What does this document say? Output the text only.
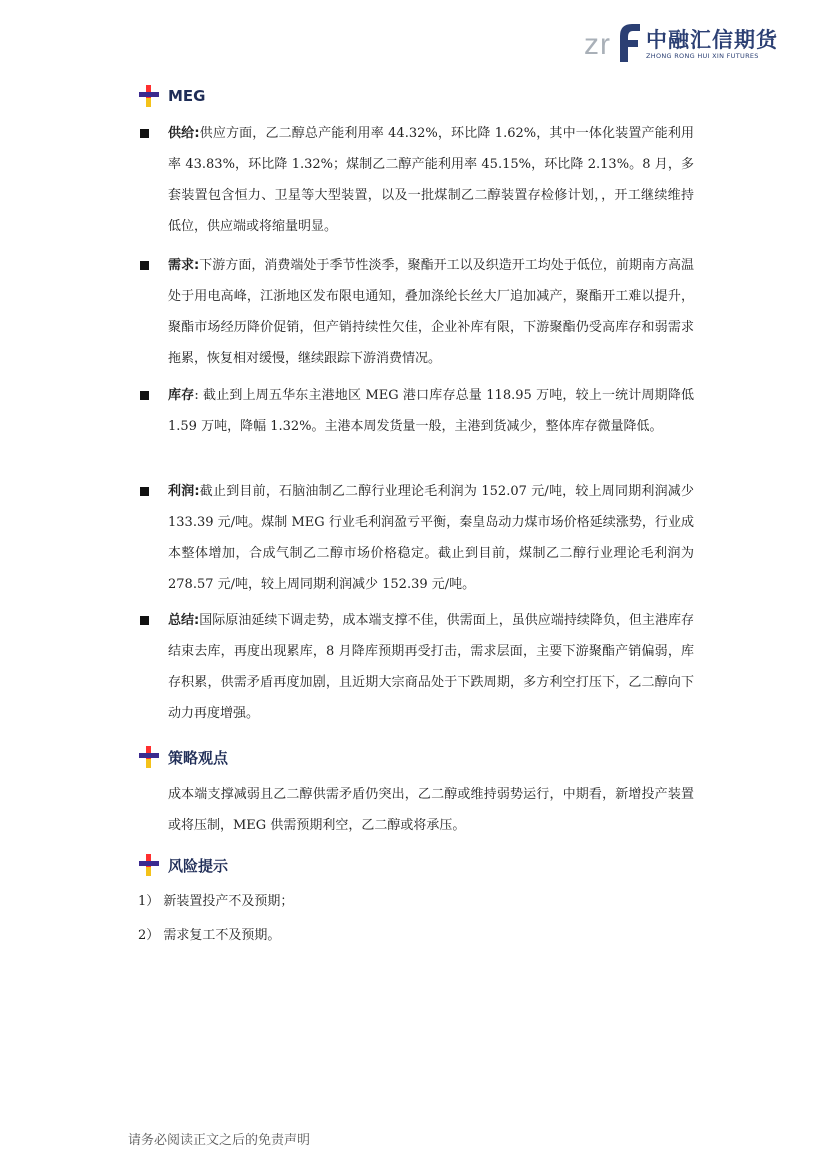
z r 中融汇信期货
ZHONG RONG HUI XIN FUTURES
MEG
供给:供应方面，乙二醇总产能利用率 44.32%，环比降 1.62%，其中一体化装置产能利用率 43.83%，环比降 1.32%；煤制乙二醇产能利用率 45.15%，环比降 2.13%。8 月，多套装置包含恒力、卫星等大型装置，以及一批煤制乙二醇装置存检修计划，，开工继续维持低位，供应端或将缩量明显。
需求:下游方面，消费端处于季节性淡季，聚酯开工以及织造开工均处于低位，前期南方高温处于用电高峰，江浙地区发布限电通知，叠加涤纶长丝大厂追加减产，聚酯开工难以提升，聚酯市场经历降价促销，但产销持续性欠佳，企业补库有限，下游聚酯仍受高库存和弱需求拖累，恢复相对缓慢，继续跟踪下游消费情况。
库存: 截止到上周五华东主港地区 MEG 港口库存总量 118.95 万吨，较上一统计周期降低 1.59 万吨，降幅 1.32%。主港本周发货量一般，主港到货减少，整体库存微量降低。
利润:截止到目前，石脑油制乙二醇行业理论毛利润为 152.07 元/吨，较上周同期利润减少 133.39 元/吨。煤制 MEG 行业毛利润盈亏平衡，秦皇岛动力煤市场价格延续涨势，行业成本整体增加，合成气制乙二醇市场价格稳定。截止到目前，煤制乙二醇行业理论毛利润为 278.57 元/吨，较上周同期利润减少 152.39 元/吨。
总结:国际原油延续下调走势，成本端支撑不佳，供需面上，虽供应端持续降负，但主港库存结束去库，再度出现累库，8 月降库预期再受打击，需求层面，主要下游聚酯产销偏弱，库存积累，供需矛盾再度加剧，且近期大宗商品处于下跌周期，多方利空打压下，乙二醇向下动力再度增强。
策略观点
成本端支撑减弱且乙二醇供需矛盾仍突出，乙二醇或维持弱势运行，中期看，新增投产装置或将压制，MEG 供需预期利空，乙二醇或将承压。
风险提示
1） 新装置投产不及预期；
2） 需求复工不及预期。
请务必阅读正文之后的免责声明
